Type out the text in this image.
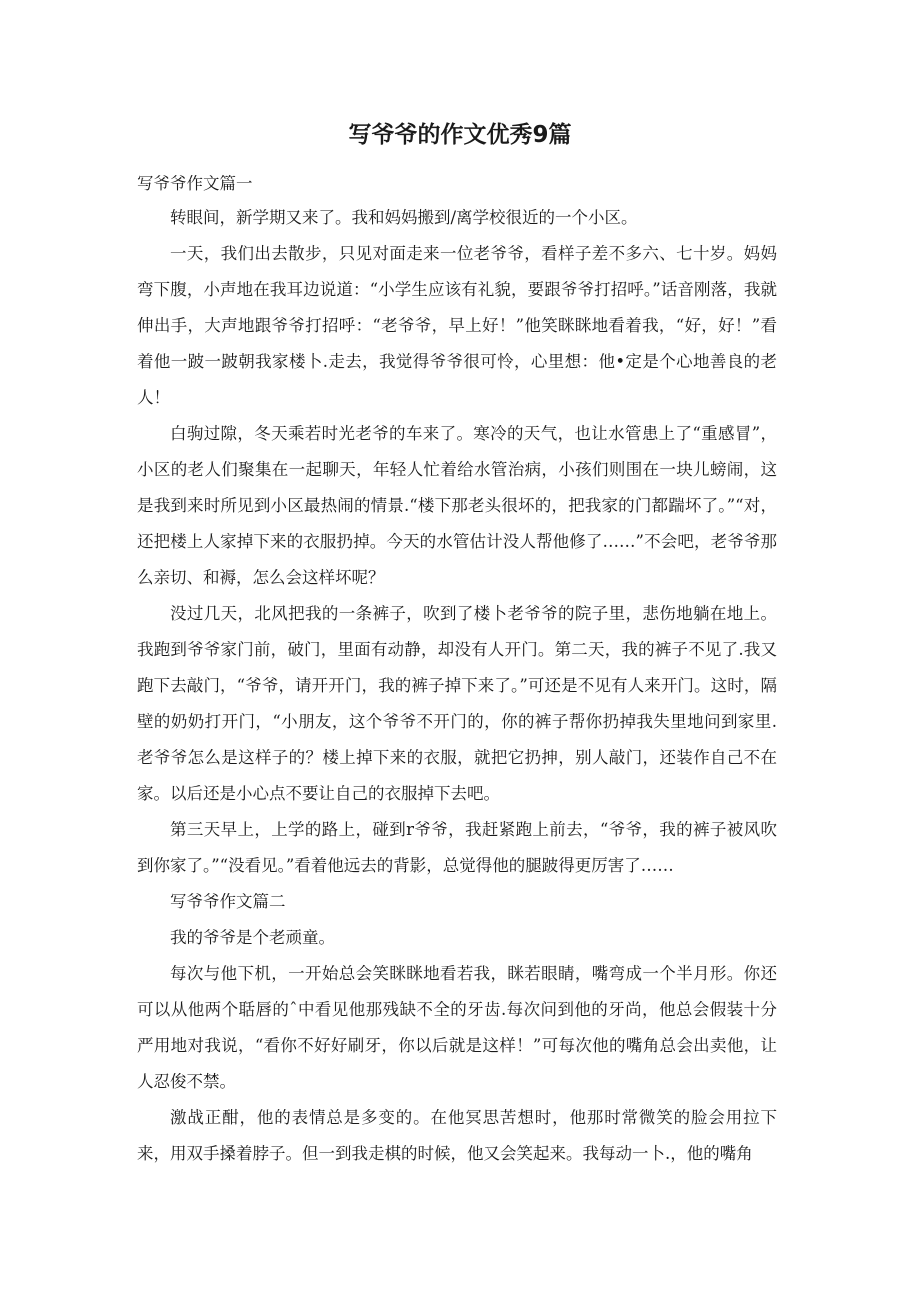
写爷爷的作文优秀9篇

写爷爷作文篇一

转眼间，新学期又来了。我和妈妈搬到/离学校很近的一个小区。

一天，我们出去散步，只见对面走来一位老爷爷，看样子差不多六、七十岁。妈妈弯下腹，小声地在我耳边说道：“小学生应该有礼貌，要跟爷爷打招呼。”话音刚落，我就伸出手，大声地跟爷爷打招呼：“老爷爷，早上好！”他笑眯眯地看着我，“好，好！”看着他一跛一跛朝我家楼卜.走去，我觉得爷爷很可怜，心里想：他•定是个心地善良的老人！

白驹过隙，冬天乘若时光老爷的车来了。寒冷的天气，也让水管患上了“重感冒”，小区的老人们聚集在一起聊天，年轻人忙着给水管治病，小孩们则围在一块儿螃闹，这是我到来时所见到小区最热闹的情景.“楼下那老头很坏的，把我家的门都踹坏了。”“对，还把楼上人家掉下来的衣服扔掉。今天的水管估计没人帮他修了……”不会吧，老爷爷那么亲切、和褥，怎么会这样坏呢？

没过几天，北风把我的一条裤子，吹到了楼卜老爷爷的院子里，悲伤地躺在地上。我跑到爷爷家门前，破门，里面有动静，却没有人开门。第二天，我的裤子不见了.我又跑下去敲门，“爷爷，请开开门，我的裤子掉下来了。”可还是不见有人来开门。这时，隔壁的奶奶打开门，“小朋友，这个爷爷不开门的，你的裤子帮你扔掉我失里地问到家里.老爷爷怎么是这样子的？楼上掉下来的衣服，就把它扔抻，别人敲门，还装作自己不在家。以后还是小心点不要让自己的衣服掉下去吧。

第三天早上，上学的路上，碰到r爷爷，我赶紧跑上前去，“爷爷，我的裤子被风吹到你家了。”“没看见。”看着他远去的背影，总觉得他的腿跛得更厉害了……

写爷爷作文篇二

我的爷爷是个老顽童。

每次与他下机，一开始总会笑眯眯地看若我，眯若眼睛，嘴弯成一个半月形。你还可以从他两个聒唇的ˆ中看见他那残缺不全的牙齿.每次问到他的牙尚，他总会假装十分严用地对我说，“看你不好好刷牙，你以后就是这样！”可每次他的嘴角总会出卖他，让人忍俊不禁。

激战正酣，他的表情总是多变的。在他冥思苦想时，他那时常微笑的脸会用拉下来，用双手搡着脖子。但一到我走棋的时候，他又会笑起来。我每动一卜.，他的嘴角
